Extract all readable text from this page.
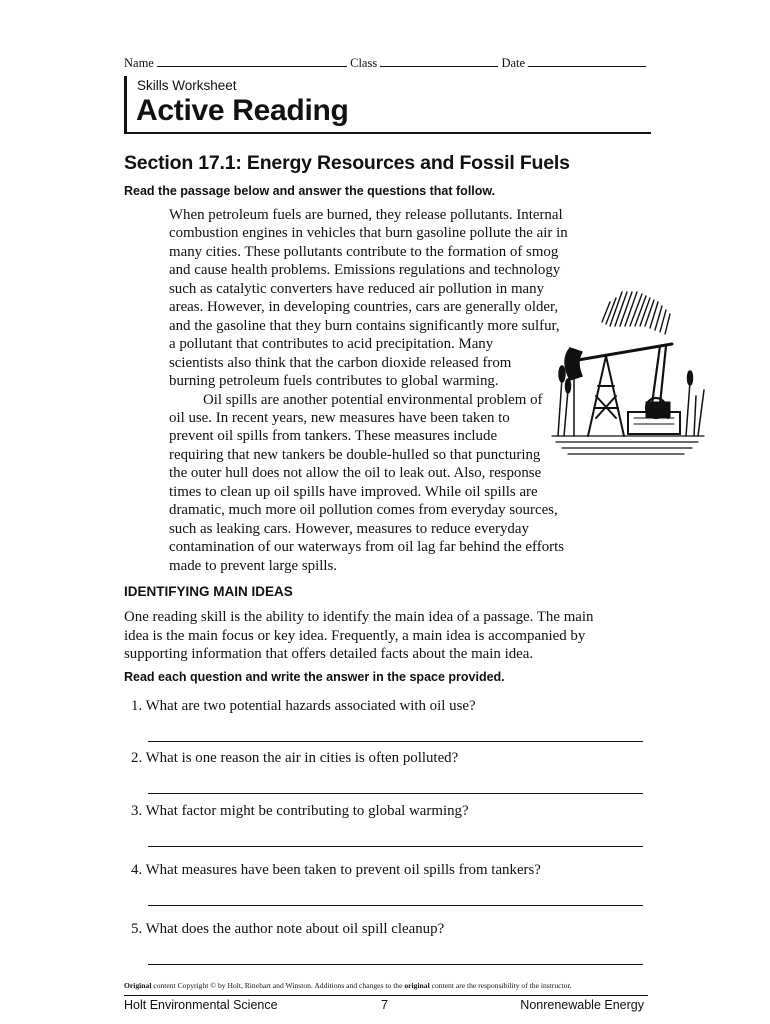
Name	Class	Date
Skills Worksheet
Active Reading
Section 17.1: Energy Resources and Fossil Fuels
Read the passage below and answer the questions that follow.
When petroleum fuels are burned, they release pollutants. Internal
combustion engines in vehicles that burn gasoline pollute the air in
many cities. These pollutants contribute to the formation of smog
and cause health problems. Emissions regulations and technology
such as catalytic converters have reduced air pollution in many
areas. However, in developing countries, cars are generally older,
and the gasoline that they burn contains significantly more sulfur,
a pollutant that contributes to acid precipitation. Many
scientists also think that the carbon dioxide released from
burning petroleum fuels contributes to global warming.
Oil spills are another potential environmental problem of
oil use. In recent years, new measures have been taken to
prevent oil spills from tankers. These measures include
requiring that new tankers be double-hulled so that puncturing
the outer hull does not allow the oil to leak out. Also, response
times to clean up oil spills have improved. While oil spills are
dramatic, much more oil pollution comes from everyday sources,
such as leaking cars. However, measures to reduce everyday
contamination of our waterways from oil lag far behind the efforts
made to prevent large spills.
IDENTIFYING MAIN IDEAS
One reading skill is the ability to identify the main idea of a passage. The main
idea is the main focus or key idea. Frequently, a main idea is accompanied by
supporting information that offers detailed facts about the main idea.
Read each question and write the answer in the space provided.
1. What are two potential hazards associated with oil use?
2. What is one reason the air in cities is often polluted?
3. What factor might be contributing to global warming?
4. What measures have been taken to prevent oil spills from tankers?
5. What does the author note about oil spill cleanup?
Original content Copyright © by Holt, Rinehart and Winston. Additions and changes to the original content are the responsibility of the instructor.
Holt Environmental Science	7	Nonrenewable Energy
